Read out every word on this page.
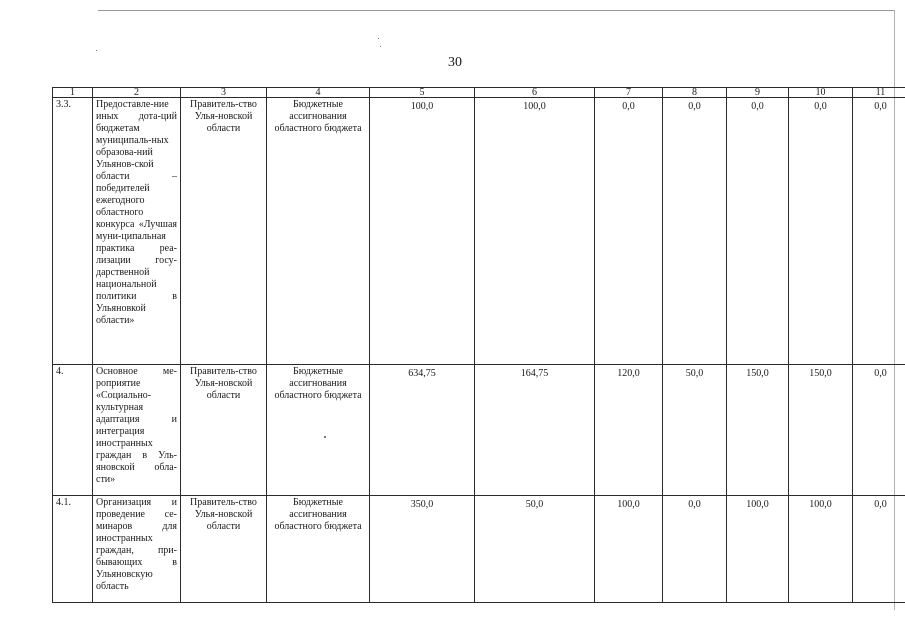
30
1	2	3	4	5	6	7	8	9	10	11
3.3.	Предоставле-ние иных дота-ций бюджетам муниципаль-ных образова-ний Ульянов-ской области – победителей ежегодного областного конкурса «Лучшая муни-ципальная практика реа-лизации госу-дарственной национальной политики в Ульяновкой области»	Правитель-ство Улья-новской области	Бюджетные ассигнования областного бюджета	100,0	100,0	0,0	0,0	0,0	0,0	0,0
4.	Основное ме-роприятие «Социально-культурная адаптация и интеграция иностранных граждан в Уль-яновской обла-сти»	Правитель-ство Улья-новской области	Бюджетные ассигнования областного бюджета	634,75	164,75	120,0	50,0	150,0	150,0	0,0
4.1.	Организация и проведение се-минаров для иностранных граждан, при-бывающих в Ульяновскую область	Правитель-ство Улья-новской области	Бюджетные ассигнования областного бюджета	350,0	50,0	100,0	0,0	100,0	100,0	0,0
